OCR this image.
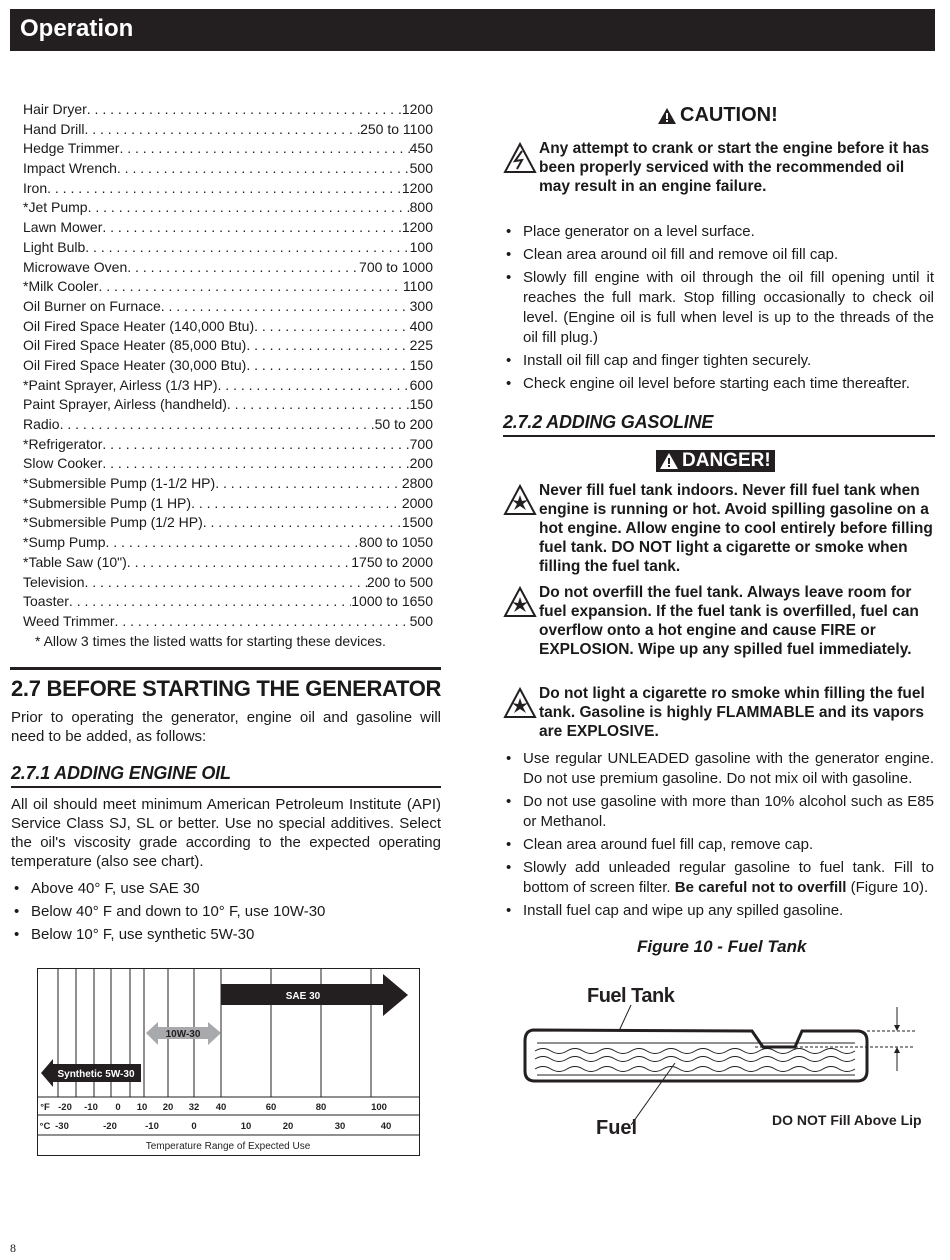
Operation
Hair Dryer . . .	1200
Hand Drill . . .	250 to 1100
Hedge Trimmer . . .	450
Impact Wrench . . .	500
Iron . . .	1200
*Jet Pump . . .	800
Lawn Mower . . .	1200
Light Bulb . . .	100
Microwave Oven . . .	700 to 1000
*Milk Cooler . . .	1100
Oil Burner on Furnace . . .	300
Oil Fired Space Heater (140,000 Btu) . . .	400
Oil Fired Space Heater (85,000 Btu) . . .	225
Oil Fired Space Heater (30,000 Btu) . . .	150
*Paint Sprayer, Airless (1/3 HP) . . .	600
Paint Sprayer, Airless (handheld) . . .	150
Radio . . .	50 to 200
*Refrigerator . . .	700
Slow Cooker . . .	200
*Submersible Pump (1-1/2 HP) . . .	2800
*Submersible Pump (1 HP) . . .	2000
*Submersible Pump (1/2 HP) . . .	1500
*Sump Pump . . .	800 to 1050
*Table Saw (10") . . .	1750 to 2000
Television . . .	200 to 500
Toaster . . .	1000 to 1650
Weed Trimmer . . .	500
* Allow 3 times the listed watts for starting these devices.
2.7 BEFORE STARTING THE GENERATOR
Prior to operating the generator, engine oil and gasoline will need to be added, as follows:
2.7.1 ADDING ENGINE OIL
All oil should meet minimum American Petroleum Institute (API) Service Class SJ, SL or better. Use no special additives. Select the oil's viscosity grade according to the expected operating temperature (also see chart).
• Above 40° F, use SAE 30
• Below 40° F and down to 10° F, use 10W-30
• Below 10° F, use synthetic 5W-30
SAE 30
10W-30
Synthetic 5W-30
°F -20 -10 0 10 20 32 40	60	80	100
°C -30	-20	-10	0	10	20	30	40
Temperature Range of Expected Use
CAUTION!
Any attempt to crank or start the engine before it has been properly serviced with the recommended oil may result in an engine failure.
• Place generator on a level surface.
• Clean area around oil fill and remove oil fill cap.
• Slowly fill engine with oil through the oil fill opening until it reaches the full mark. Stop filling occasionally to check oil level. (Engine oil is full when level is up to the threads of the oil fill plug.)
• Install oil fill cap and finger tighten securely.
• Check engine oil level before starting each time thereafter.
2.7.2 ADDING GASOLINE
DANGER!
Never fill fuel tank indoors. Never fill fuel tank when engine is running or hot. Avoid spilling gasoline on a hot engine. Allow engine to cool entirely before filling fuel tank. DO NOT light a cigarette or smoke when filling the fuel tank.
Do not overfill the fuel tank. Always leave room for fuel expansion. If the fuel tank is overfilled, fuel can overflow onto a hot engine and cause FIRE or EXPLOSION. Wipe up any spilled fuel immediately.
Do not light a cigarette ro smoke whin filling the fuel tank. Gasoline is highly FLAMMABLE and its vapors are EXPLOSIVE.
• Use regular UNLEADED gasoline with the generator engine. Do not use premium gasoline. Do not mix oil with gasoline.
• Do not use gasoline with more than 10% alcohol such as E85 or Methanol.
• Clean area around fuel fill cap, remove cap.
• Slowly add unleaded regular gasoline to fuel tank. Fill to bottom of screen filter. Be careful not to overfill (Figure 10).
• Install fuel cap and wipe up any spilled gasoline.
Figure 10 - Fuel Tank
Fuel Tank
Fuel	DO NOT Fill Above Lip
8
